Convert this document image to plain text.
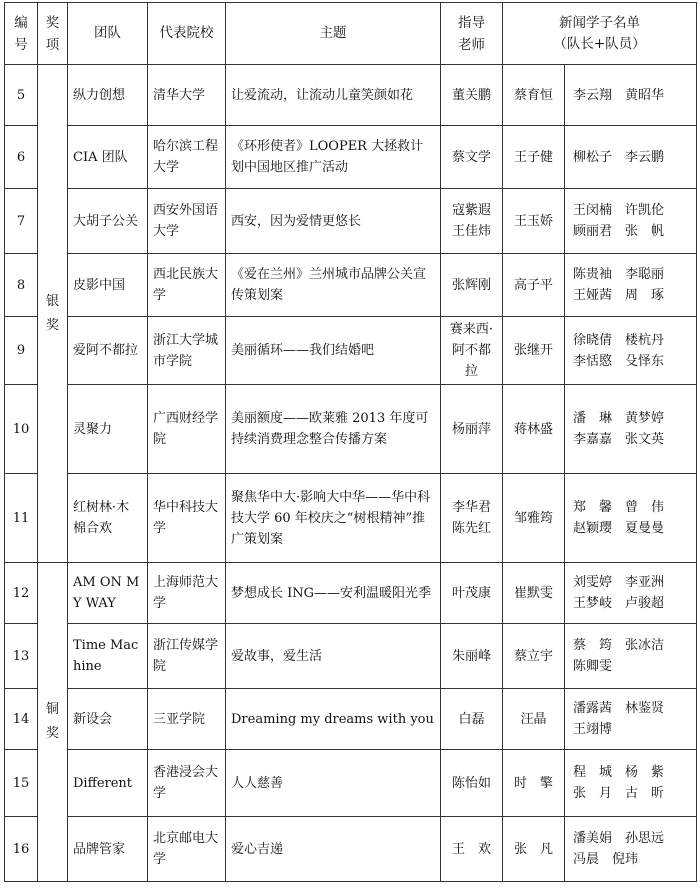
编号	奖项	团队	代表院校	主题	指导老师	新闻学子名单
（队长+队员）	

5	银奖	纵力创想	清华大学	让爱流动，让流动儿童笑颜如花	董关鹏	蔡育恒	李云翔　黄昭华

6		CIA 团队	哈尔滨工程大学	《环形使者》LOOPER 大拯救计划中国地区推广活动	蔡文学	王子健	柳松子　李云鹏

7		大胡子公关	西安外国语大学	西安，因为爱情更悠长	寇紫遐 王佳炜	王玉娇	王闵楠　许凯伦
顾丽君　张　帆

8		皮影中国	西北民族大学	《爱在兰州》兰州城市品牌公关宣传策划案	张辉刚	高子平	陈贵袖　李聪丽
王娅茜　周　琢

9		爱阿不都拉	浙江大学城市学院	美丽循环——我们结婚吧	赛来西·阿不都拉	张继开	徐晓倩　楼杭丹
李恬愍　殳怿东

10		灵聚力	广西财经学院	美丽额度——欧莱雅 2013 年度可持续消费理念整合传播方案	杨丽萍	蒋林盛	潘　琳　黄梦婷
李嘉嘉　张文英

11		红树林·木棉合欢	华中科技大学	聚焦华中大·影响大中华——华中科技大学 60 年校庆之“树根精神”推广策划案	李华君 陈先红	邹雅筠	郑　馨　曾　伟
赵颖璎　夏曼曼

12	铜奖	AM ON MY WAY	上海师范大学	梦想成长 ING——安利温暖阳光季	叶茂康	崔默雯	刘雯婷　李亚洲
王梦岐　卢骏超

13		Time Machine	浙江传媒学院	爱故事，爱生活	朱丽峰	蔡立宇	蔡　筠　张冰洁
陈卿雯

14		新设会	三亚学院	Dreaming my dreams with you	白磊	汪晶	潘露茜　林鉴贤
王翊博

15		Different	香港浸会大学	人人慈善	陈怡如	时　擎	程　城　杨　紫
张　月　古　昕

16		品牌管家	北京邮电大学	爱心吉递	王　欢	张　凡	潘美娟　孙思远
冯晨　倪玮
